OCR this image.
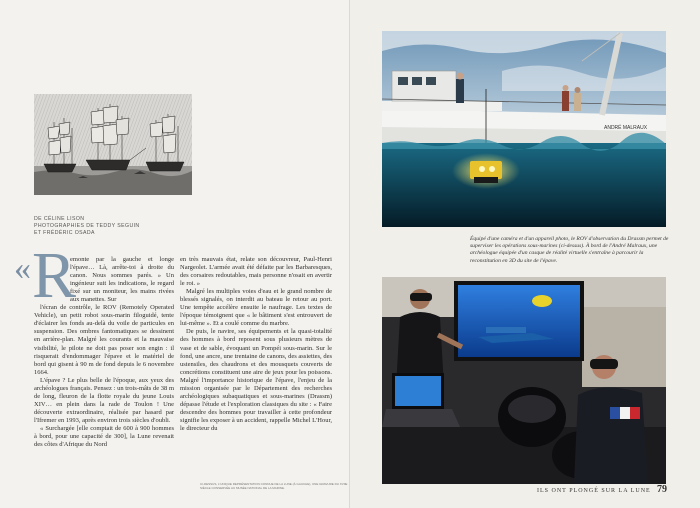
DE CÉLINE LISON
PHOTOGRAPHIES DE TEDDY SEGUIN
ET FRÉDÉRIC OSADA
« R

emonte par la gauche et longe l'épave… Là, arrête-toi à droite du canon. Nous sommes parés. » Un ingénieur suit les indications, le regard fixé sur un moniteur, les mains rivées aux manettes. Sur

l'écran de contrôle, le ROV (Remotely Operated Vehicle), un petit robot sous-marin filoguidé, tente d'éclairer les fonds au-delà du voile de particules en suspension. Des ombres fantomatiques se dessinent en arrière-plan. Malgré les courants et la mauvaise visibilité, le pilote ne doit pas poser son engin : il risquerait d'endommager l'épave et le matériel de bord qui gisent à 90 m de fond depuis le 6 novembre 1664.

L'épave ? Le plus belle de l'époque, aux yeux des archéologues français. Pensez : un trois-mâts de 38 m de long, fleuron de la flotte royale du jeune Louis XIV… en plein dans la rade de Toulon ! Une découverte extraordinaire, réalisée par hasard par l'Ifremer en 1993, après environ trois siècles d'oubli.

« Surchargée [elle comptait de 600 à 900 hommes à bord, pour une capacité de 300], la Lune revenait des côtes d'Afrique du Nord

en très mauvais état, relate son découvreur, Paul-Henri Nargeolet. L'armée avait été défaite par les Barbaresques, des corsaires redoutables, mais personne n'osait en avertir le roi. »

Malgré les multiples voies d'eau et le grand nombre de blessés signalés, on interdit au bateau le retour au port. Une tempête accélère ensuite le naufrage. Les textes de l'époque témoignent que « le bâtiment s'est entrouvert de lui-même ». Et a coulé comme du marbre.

De puis, le navire, ses équipements et la quasi-totalité des hommes à bord reposent sous plusieurs mètres de vase et de sable, évoquant un Pompéi sous-marin. Sur le fond, une ancre, une trentaine de canons, des assiettes, des ustensiles, des chaudrons et des mousquets couverts de concrétions constituent une aire de jeux pour les poissons. Malgré l'importance historique de l'épave, l'enjeu de la mission organisée par le Département des recherches archéologiques subaquatiques et sous-marines (Drassm) dépasse l'étude et l'exploration classiques du site : « Faire descendre des hommes pour travailler à cette profondeur signifie les exposer à un accident, rappelle Michel L'Hour, le directeur du

CI-DESSUS, L'UNIQUE REPRÉSENTATION CONNUE DE LA LUNE (À GAUCHE), UNE GRAVURE DU XVIIE SIÈCLE CONSERVÉE AU MUSÉE NATIONAL DE LA MARINE.
ANDRÉ MALRAUX
Équipé d'une caméra et d'un appareil photo, le ROV d'observation du Drassm permet de superviser les opérations sous-marines (ci-dessus). À bord de l'André Malraux, une archéologue équipée d'un casque de réalité virtuelle s'entraîne à parcourir la reconstitution en 3D du site de l'épave.
ILS ONT PLONGÉ SUR LA LUNE 79
